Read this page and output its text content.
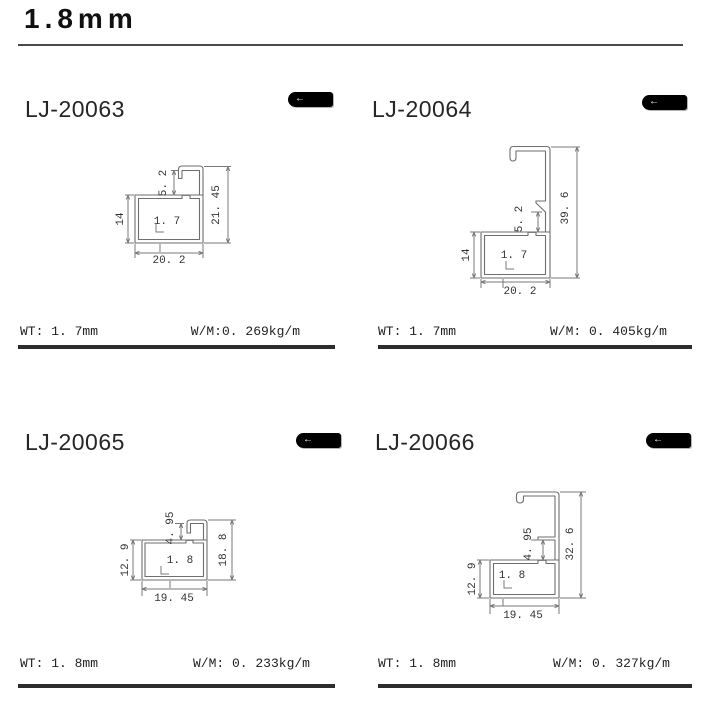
1.8mm
LJ-20063	←
21. 45
14
5. 2
1. 7
20. 2
WT: 1. 7mm	W/M:0. 269kg/m
LJ-20064	←
39. 6
14
5. 2
1. 7
20. 2
WT: 1. 7mm	W/M: 0. 405kg/m
LJ-20065	←
18. 8
12. 9
4. 95
1. 8
19. 45
WT: 1. 8mm	W/M: 0. 233kg/m
LJ-20066	←
32. 6
12. 9
4. 95
1. 8
19. 45
WT: 1. 8mm	W/M: 0. 327kg/m
